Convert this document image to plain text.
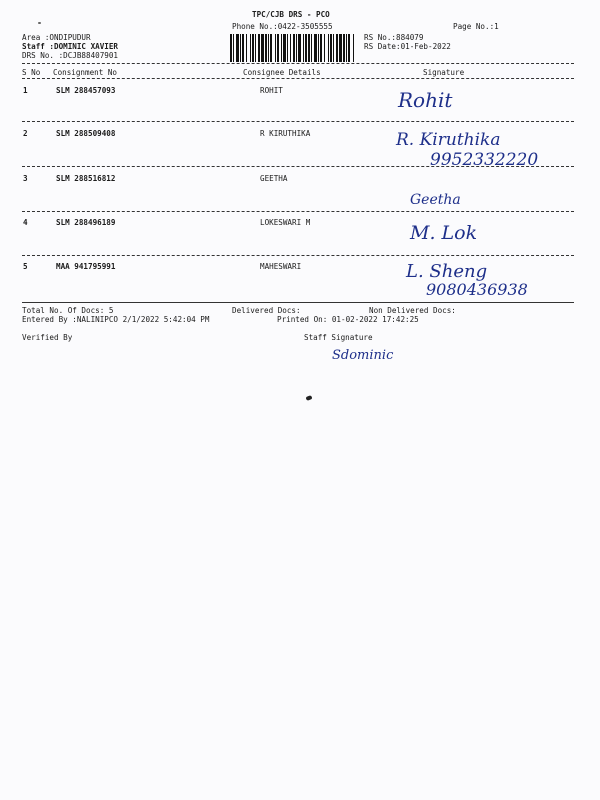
TPC/CJB DRS - PCO
Phone No.:0422-3505555	Page No.:1
Area :ONDIPUDUR
Staff :DOMINIC XAVIER
DRS No. :DCJB88407901
RS No.:884079
RS Date:01-Feb-2022
S No Consignment No	Consignee Details	Signature
1	SLM 288457093	ROHIT	Rohit
2	SLM 288509408	R KIRUTHIKA	R. Kiruthika
9952332220
3	SLM 288516812	GEETHA
Geetha
4	SLM 288496189	LOKESWARI M	M. Lok
5	MAA 941795991	MAHESWARI	L. Sheng
9080436938
Total No. Of Docs: 5	Delivered Docs:	Non Delivered Docs:
Entered By :NALINIPCO 2/1/2022 5:42:04 PM	Printed On: 01-02-2022 17:42:25
Verified By	Staff Signature
Sdominic
